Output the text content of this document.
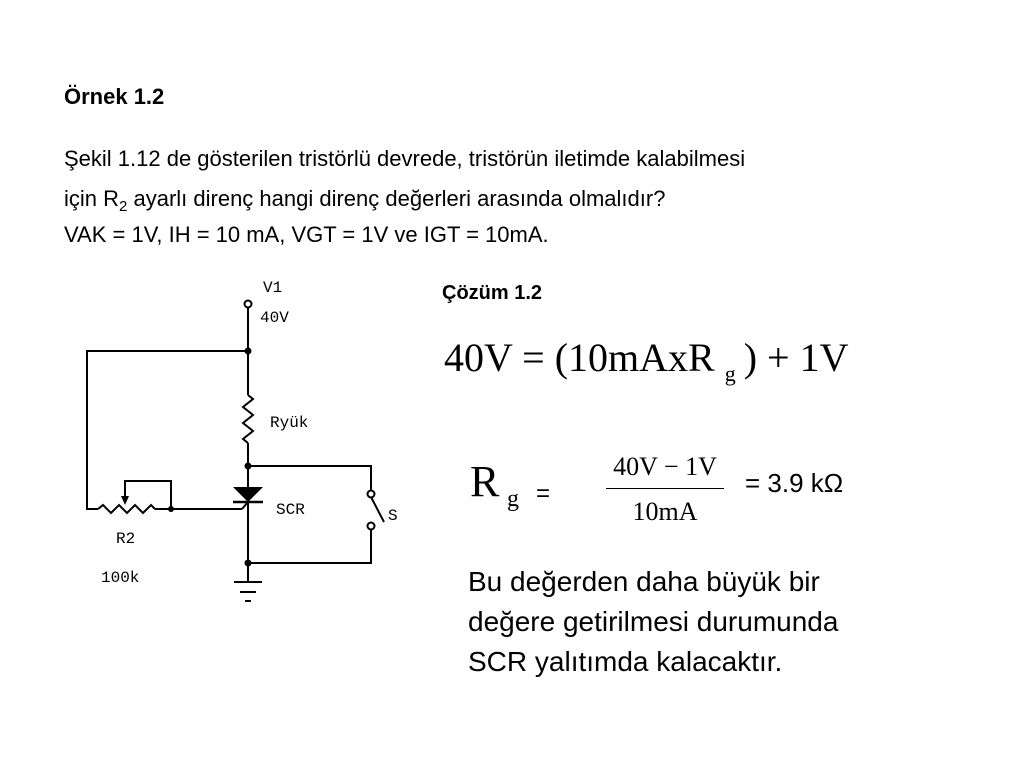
Örnek 1.2
Şekil 1.12 de gösterilen tristörlü devrede, tristörün iletimde kalabilmesi
için $R_2$ ayarlı direnç hangi direnç değerleri arasında olmalıdır?
VAK = 1V, IH = 10 mA, VGT = 1V ve IGT = 10mA.
Çözüm 1.2
40V = (10mAxR $_g$ ) + 1V
R g =
40V − 1V
10mA
= 3.9 kΩ
Bu değerden daha büyük bir
değere getirilmesi durumunda
SCR yalıtımda kalacaktır.
V1
40V
Ryük
SCR	S
R2
100k
